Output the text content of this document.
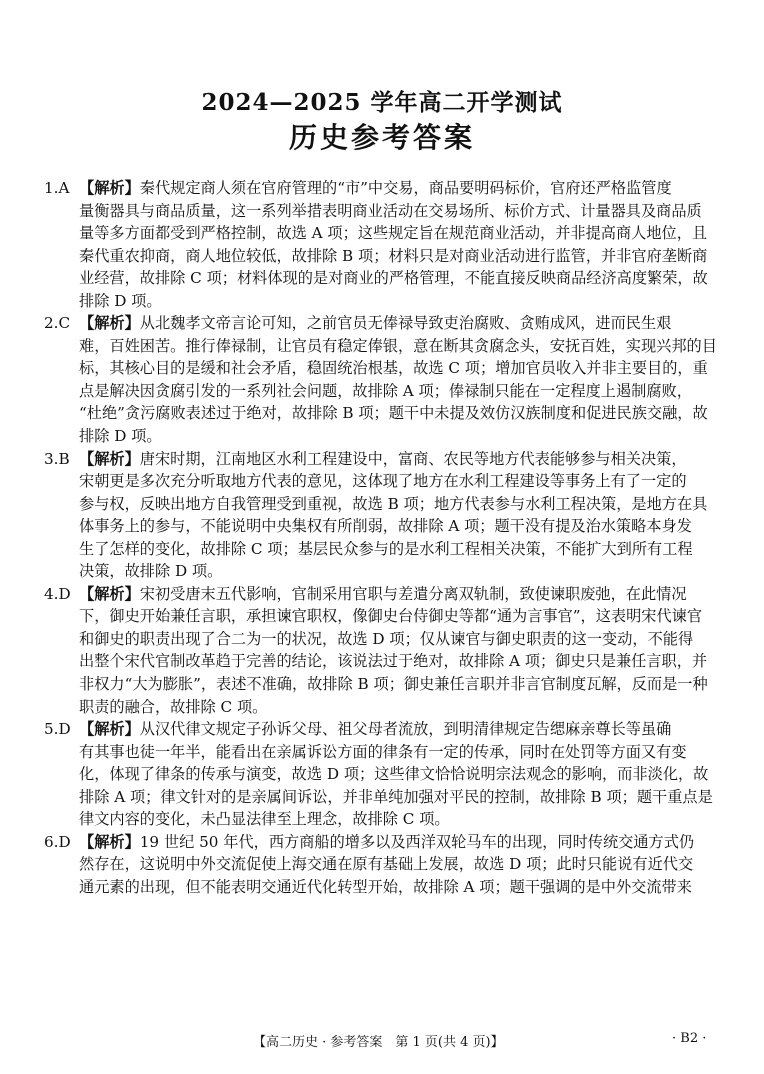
2024—2025 学年高二开学测试
历史参考答案
1.A 【解析】秦代规定商人须在官府管理的“市”中交易，商品要明码标价，官府还严格监管度
量衡器具与商品质量，这一系列举措表明商业活动在交易场所、标价方式、计量器具及商品质
量等多方面都受到严格控制，故选 A 项；这些规定旨在规范商业活动，并非提高商人地位，且
秦代重农抑商，商人地位较低，故排除 B 项；材料只是对商业活动进行监管，并非官府垄断商
业经营，故排除 C 项；材料体现的是对商业的严格管理，不能直接反映商品经济高度繁荣，故
排除 D 项。
2.C 【解析】从北魏孝文帝言论可知，之前官员无俸禄导致吏治腐败、贪贿成风，进而民生艰
难，百姓困苦。推行俸禄制，让官员有稳定俸银，意在断其贪腐念头，安抚百姓，实现兴邦的目
标，其核心目的是缓和社会矛盾，稳固统治根基，故选 C 项；增加官员收入并非主要目的，重
点是解决因贪腐引发的一系列社会问题，故排除 A 项；俸禄制只能在一定程度上遏制腐败，
“杜绝”贪污腐败表述过于绝对，故排除 B 项；题干中未提及效仿汉族制度和促进民族交融，故
排除 D 项。
3.B 【解析】唐宋时期，江南地区水利工程建设中，富商、农民等地方代表能够参与相关决策，
宋朝更是多次充分听取地方代表的意见，这体现了地方在水利工程建设等事务上有了一定的
参与权，反映出地方自我管理受到重视，故选 B 项；地方代表参与水利工程决策，是地方在具
体事务上的参与，不能说明中央集权有所削弱，故排除 A 项；题干没有提及治水策略本身发
生了怎样的变化，故排除 C 项；基层民众参与的是水利工程相关决策，不能扩大到所有工程
决策，故排除 D 项。
4.D 【解析】宋初受唐末五代影响，官制采用官职与差遣分离双轨制，致使谏职废弛，在此情况
下，御史开始兼任言职，承担谏官职权，像御史台侍御史等都“通为言事官”，这表明宋代谏官
和御史的职责出现了合二为一的状况，故选 D 项；仅从谏官与御史职责的这一变动，不能得
出整个宋代官制改革趋于完善的结论，该说法过于绝对，故排除 A 项；御史只是兼任言职，并
非权力“大为膨胀”，表述不准确，故排除 B 项；御史兼任言职并非言官制度瓦解，反而是一种
职责的融合，故排除 C 项。
5.D 【解析】从汉代律文规定子孙诉父母、祖父母者流放，到明清律规定告缌麻亲尊长等虽确
有其事也徒一年半，能看出在亲属诉讼方面的律条有一定的传承，同时在处罚等方面又有变
化，体现了律条的传承与演变，故选 D 项；这些律文恰恰说明宗法观念的影响，而非淡化，故
排除 A 项；律文针对的是亲属间诉讼，并非单纯加强对平民的控制，故排除 B 项；题干重点是
律文内容的变化，未凸显法律至上理念，故排除 C 项。
6.D 【解析】19 世纪 50 年代，西方商船的增多以及西洋双轮马车的出现，同时传统交通方式仍
然存在，这说明中外交流促使上海交通在原有基础上发展，故选 D 项；此时只能说有近代交
通元素的出现，但不能表明交通近代化转型开始，故排除 A 项；题干强调的是中外交流带来
【高二历史 · 参考答案　第 1 页(共 4 页)】	· B2 ·
